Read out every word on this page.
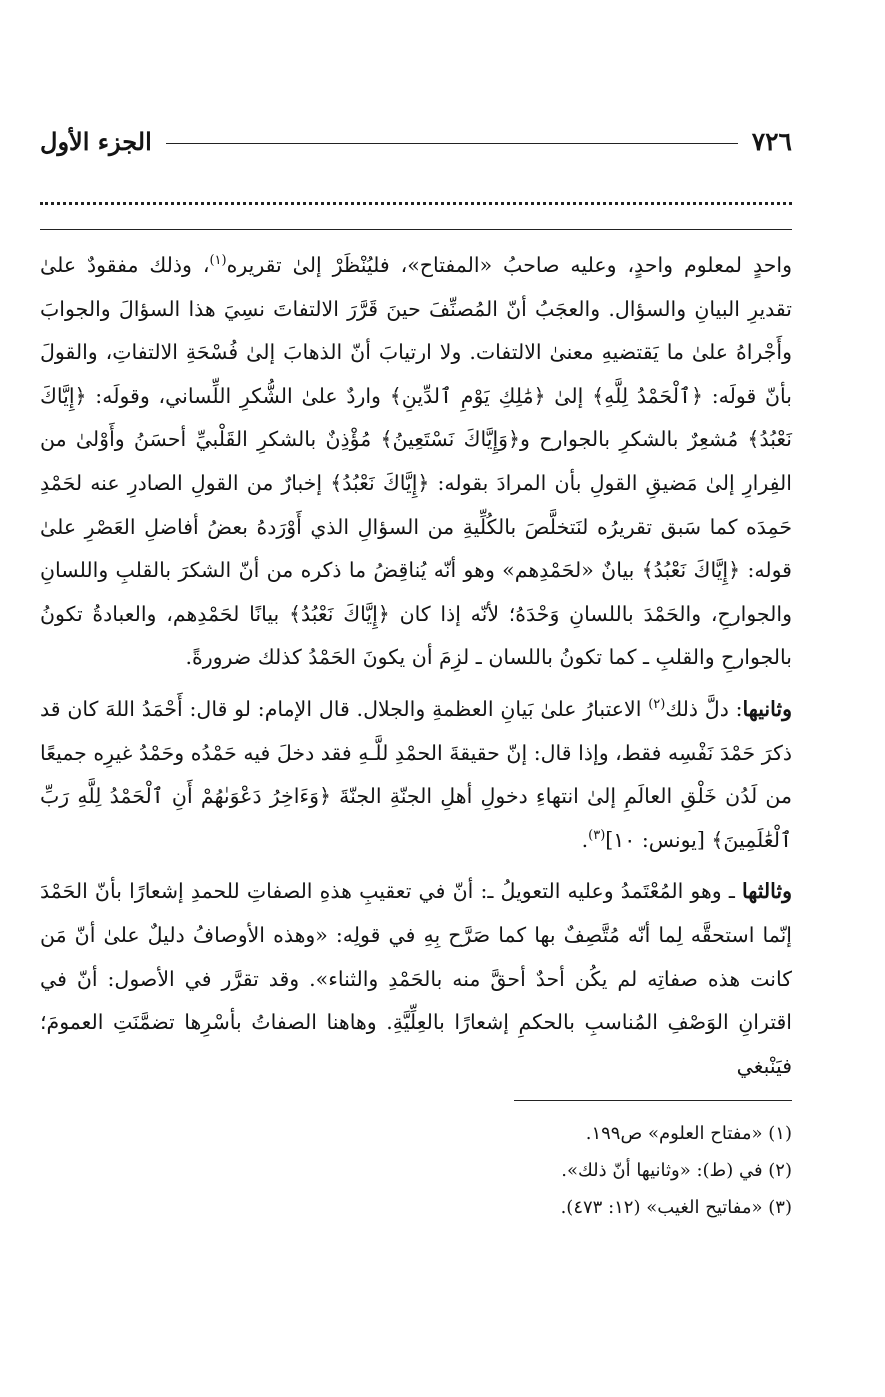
٧٢٦
الجزء الأول

واحدٍ لمعلوم واحدٍ، وعليه صاحبُ «المفتاح»، فليُنْظَرْ إلىٰ تقريره$^{(١)}$، وذلك مفقودٌ علىٰ تقديرِ البيانِ والسؤال. والعجَبُ أنّ المُصنِّفَ حينَ قَرَّرَ الالتفاتَ نسِيَ هذا السؤالَ والجوابَ وأَجْراهُ علىٰ ما يَقتضيهِ معنىٰ الالتفات. ولا ارتيابَ أنّ الذهابَ إلىٰ فُسْحَةِ الالتفاتِ، والقولَ بأنّ قولَه: ﴿ٱلْحَمْدُ لِلَّهِ﴾ إلىٰ ﴿مَٰلِكِ يَوْمِ ٱلدِّينِ﴾ واردٌ علىٰ الشُّكرِ اللِّساني، وقولَه: ﴿إِيَّاكَ نَعْبُدُ﴾ مُشعِرٌ بالشكرِ بالجوارح و﴿وَإِيَّاكَ نَسْتَعِينُ﴾ مُؤْذِنٌ بالشكرِ القَلْبيِّ أحسَنُ وأَوْلىٰ من الفِرارِ إلىٰ مَضيقِ القولِ بأن المرادَ بقوله: ﴿إِيَّاكَ نَعْبُدُ﴾ إخبارٌ من القولِ الصادرِ عنه لحَمْدِ حَمِدَه كما سَبق تقريرُه لنَتخلَّصَ بالكُلِّيةِ من السؤالِ الذي أَوْرَدهُ بعضُ أفاضلِ العَصْرِ علىٰ قوله: ﴿إِيَّاكَ نَعْبُدُ﴾ بيانٌ «لحَمْدِهم» وهو أنّه يُناقِضُ ما ذكره من أنّ الشكرَ بالقلبِ واللسانِ والجوارحِ، والحَمْدَ باللسانِ وَحْدَهُ؛ لأنّه إذا كان ﴿إِيَّاكَ نَعْبُدُ﴾ بيانًا لحَمْدِهم، والعبادةُ تكونُ بالجوارحِ والقلبِ ـ كما تكونُ باللسان ـ لزِمَ أن يكونَ الحَمْدُ كذلك ضرورةً.

وثانيها: دلَّ ذلك$^{(٢)}$ الاعتبارُ علىٰ بَيانِ العظمةِ والجلال. قال الإمام: لو قال: أَحْمَدُ اللهَ كان قد ذكرَ حَمْدَ نَفْسِه فقط، وإذا قال: إنّ حقيقةَ الحمْدِ للَّـهِ فقد دخلَ فيه حَمْدُه وحَمْدُ غيرِه جميعًا من لَدُن خَلْقِ العالَمِ إلىٰ انتهاءِ دخولِ أهلِ الجنّةِ الجنّةَ ﴿وَءَاخِرُ دَعْوَىٰهُمْ أَنِ ٱلْحَمْدُ لِلَّهِ رَبِّ ٱلْعَٰلَمِينَ﴾ [يونس: ١٠]$^{(٣)}$.

وثالثها ـ وهو المُعْتَمدُ وعليه التعويلُ ـ: أنّ في تعقيبِ هذهِ الصفاتِ للحمدِ إشعارًا بأنّ الحَمْدَ إنّما استحقَّه لِما أنّه مُتَّصِفٌ بها كما صَرَّح بِهِ في قولِه: «وهذه الأوصافُ دليلٌ علىٰ أنّ مَن كانت هذه صفاتِه لم يكُن أحدٌ أحقَّ منه بالحَمْدِ والثناء». وقد تقرَّر في الأصول: أنّ في اقترانِ الوَصْفِ المُناسبِ بالحكمِ إشعارًا بالعِلِّيَّةِ. وهاهنا الصفاتُ بأسْرِها تضمَّنَتِ العمومَ؛ فيَنْبغي

(١) «مفتاح العلوم» ص١٩٩.
(٢) في (ط): «وثانيها أنّ ذلك».
(٣) «مفاتيح الغيب» (١٢: ٤٧٣).
